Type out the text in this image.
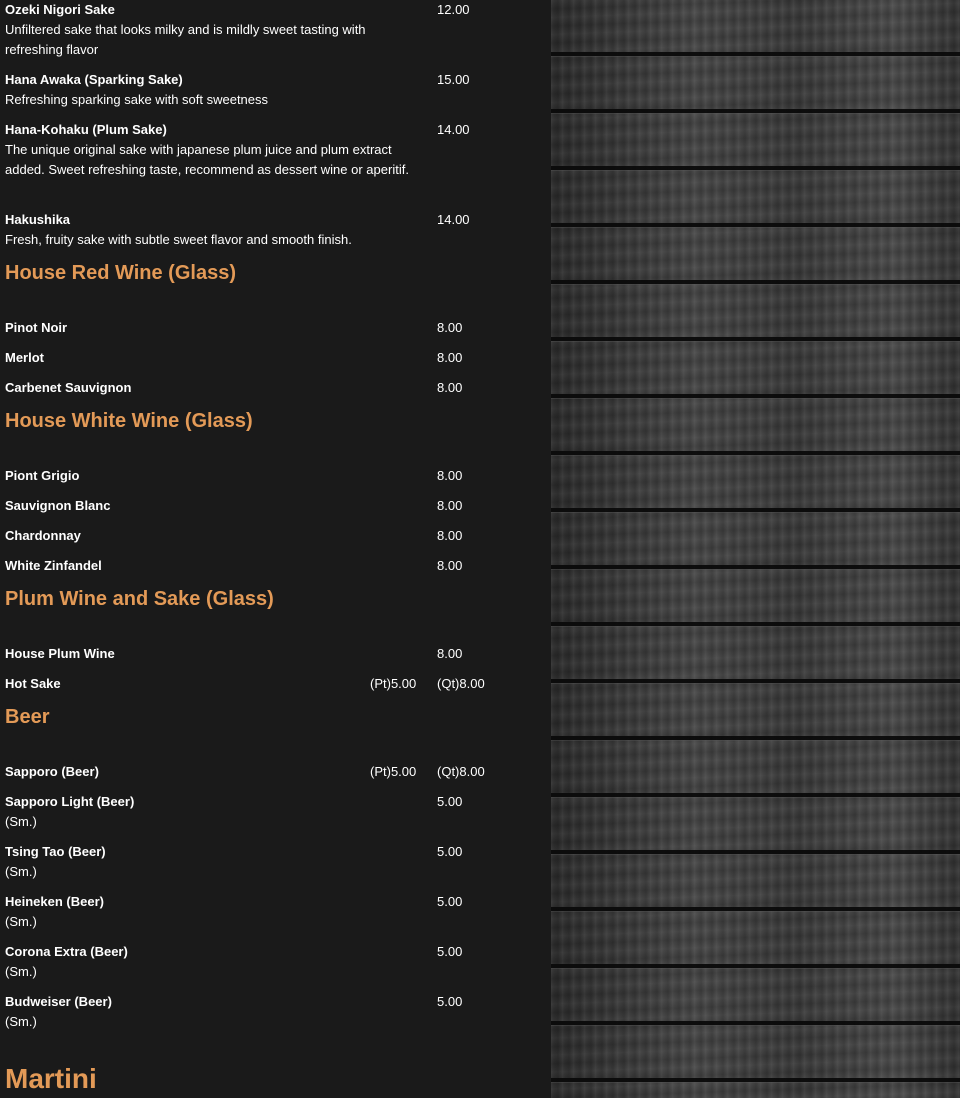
Ozeki Nigori Sake
Unfiltered sake that looks milky and is mildly sweet tasting with refreshing flavor
12.00
Hana Awaka (Sparking Sake)
Refreshing sparking sake with soft sweetness
15.00
Hana-Kohaku (Plum Sake)
The unique original sake with japanese plum juice and plum extract added. Sweet refreshing taste, recommend as dessert wine or aperitif.
14.00
Hakushika
Fresh, fruity sake with subtle sweet flavor and smooth finish.
14.00
House Red Wine (Glass)
Pinot Noir	8.00
Merlot	8.00
Carbenet Sauvignon	8.00
House White Wine (Glass)
Piont Grigio	8.00
Sauvignon Blanc	8.00
Chardonnay	8.00
White Zinfandel	8.00
Plum Wine and Sake (Glass)
House Plum Wine	8.00
Hot Sake	(Pt)5.00 (Qt)8.00
Beer
Sapporo (Beer)	(Pt)5.00 (Qt)8.00
Sapporo Light (Beer)
(Sm.)
5.00
Tsing Tao (Beer)
(Sm.)
5.00
Heineken (Beer)
(Sm.)
5.00
Corona Extra (Beer)
(Sm.)
5.00
Budweiser (Beer)
(Sm.)
5.00
Martini
